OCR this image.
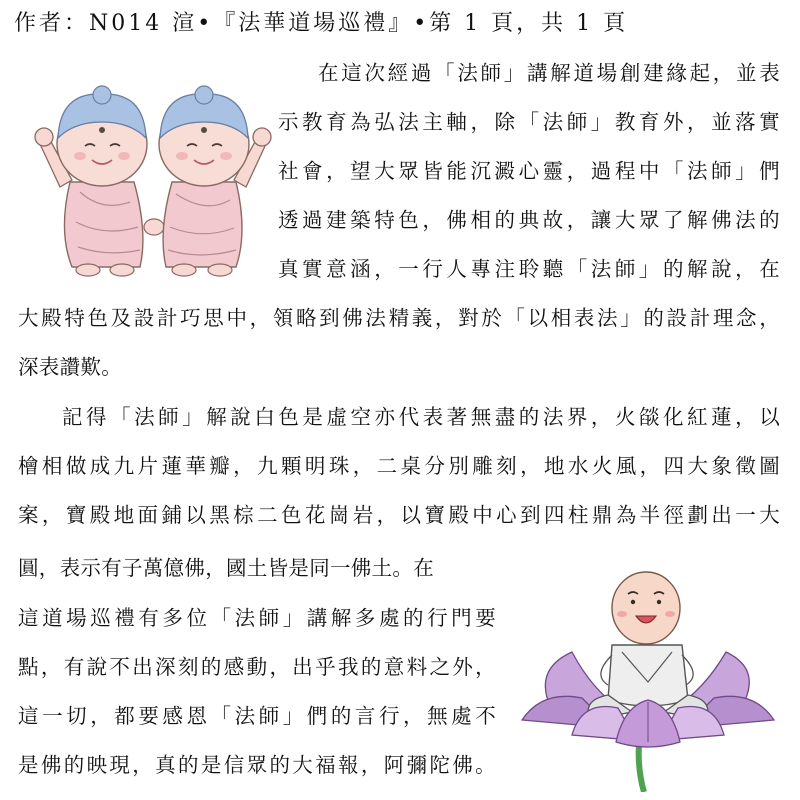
作者：N014 渲•『法華道場巡禮』•第 1 頁，共 1 頁
在這次經過「法師」講解道場創建緣起，並表
示教育為弘法主軸，除「法師」教育外，並落實
社會，望大眾皆能沉澱心靈，過程中「法師」們
透過建築特色，佛相的典故，讓大眾了解佛法的
真實意涵，一行人專注聆聽「法師」的解說，在
大殿特色及設計巧思中，領略到佛法精義，對於「以相表法」的設計理念，
深表讚歎。
記得「法師」解說白色是虛空亦代表著無盡的法界，火燄化紅蓮，以
檜相做成九片蓮華瓣，九顆明珠，二桌分別雕刻，地水火風，四大象徵圖
案，寶殿地面鋪以黑棕二色花崗岩，以寶殿中心到四柱鼎為半徑劃出一大
圓，表示有子萬億佛，國土皆是同一佛土。在
這道場巡禮有多位「法師」講解多處的行門要
點，有說不出深刻的感動，出乎我的意料之外，
這一切，都要感恩「法師」們的言行，無處不
是佛的映現，真的是信眾的大福報，阿彌陀佛。
